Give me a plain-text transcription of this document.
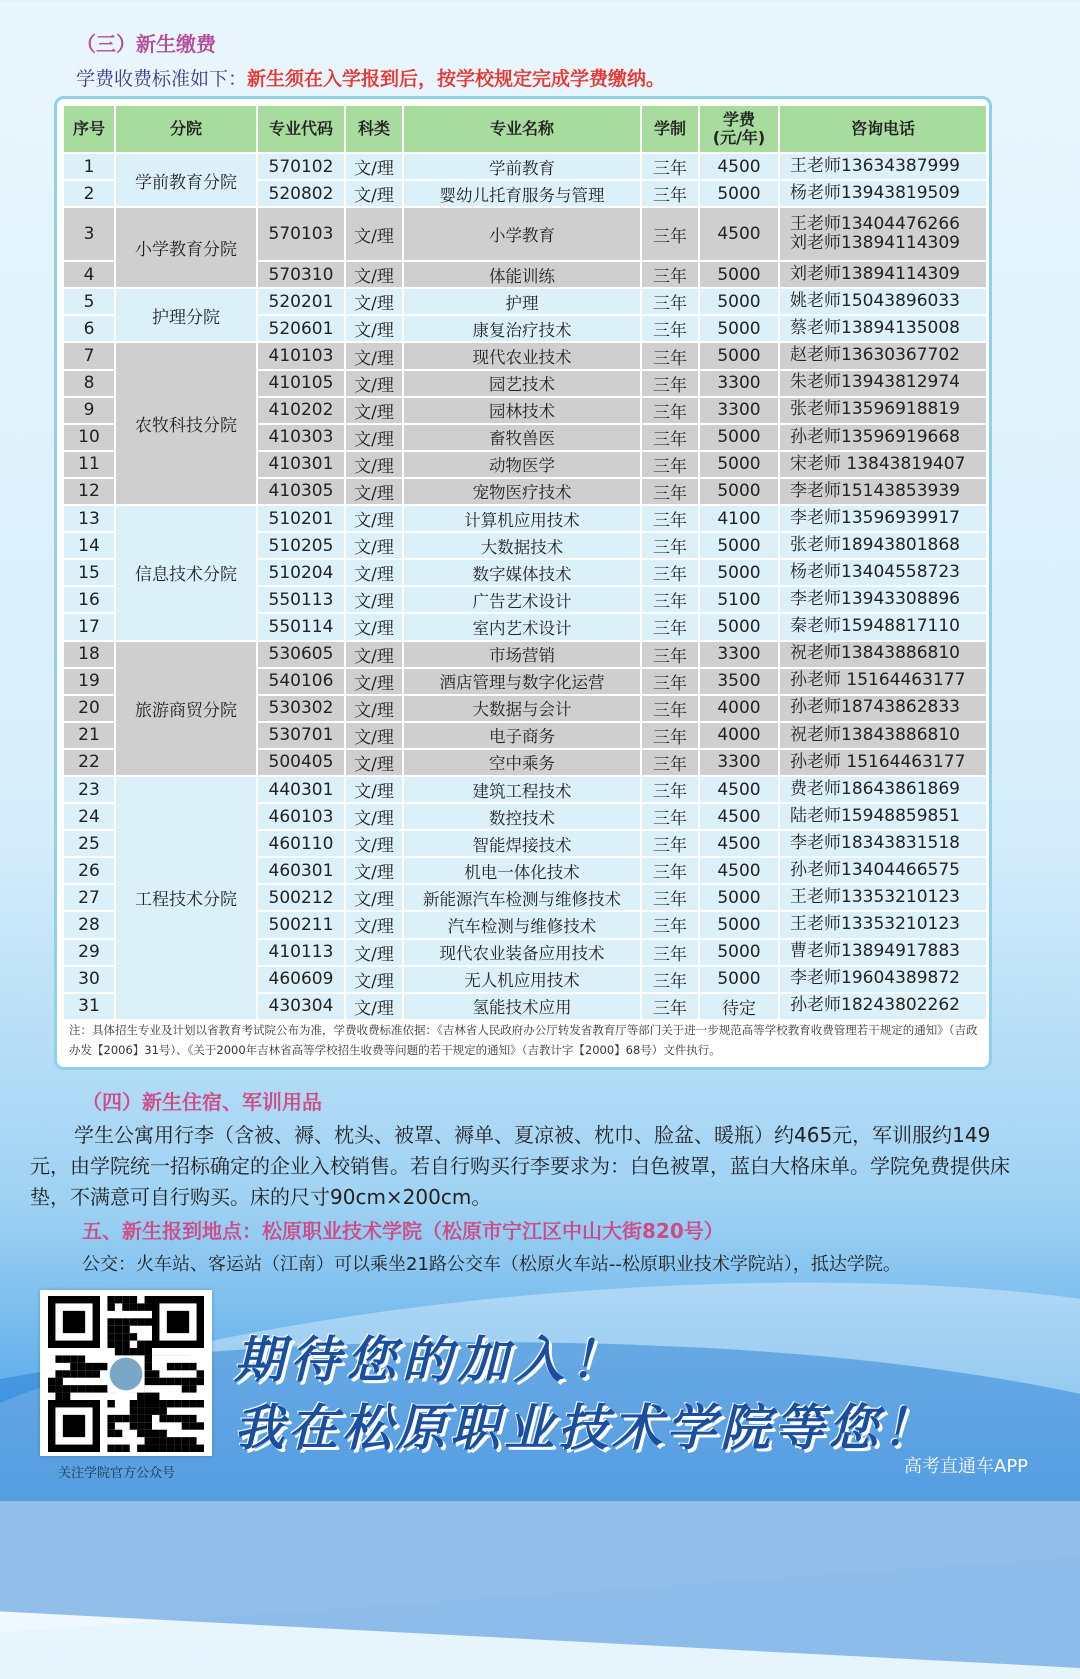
（三）新生缴费
学费收费标准如下：新生须在入学报到后，按学校规定完成学费缴纳。
序号	分院	专业代码	科类	专业名称	学制	学费
(元/年)	咨询电话
1	学前教育分院	570102	文/理	学前教育	三年	4500	王老师13634387999
2		520802	文/理	婴幼儿托育服务与管理	三年	5000	杨老师13943819509
3	小学教育分院	570103	文/理	小学教育	三年	4500	王老师13404476266
刘老师13894114309
4		570310	文/理	体能训练	三年	5000	刘老师13894114309
5	护理分院	520201	文/理	护理	三年	5000	姚老师15043896033
6		520601	文/理	康复治疗技术	三年	5000	蔡老师13894135008
7	农牧科技分院	410103	文/理	现代农业技术	三年	5000	赵老师13630367702
8		410105	文/理	园艺技术	三年	3300	朱老师13943812974
9		410202	文/理	园林技术	三年	3300	张老师13596918819
10		410303	文/理	畜牧兽医	三年	5000	孙老师13596919668
11		410301	文/理	动物医学	三年	5000	宋老师 13843819407
12		410305	文/理	宠物医疗技术	三年	5000	李老师15143853939
13	信息技术分院	510201	文/理	计算机应用技术	三年	4100	李老师13596939917
14		510205	文/理	大数据技术	三年	5000	张老师18943801868
15		510204	文/理	数字媒体技术	三年	5000	杨老师13404558723
16		550113	文/理	广告艺术设计	三年	5100	李老师13943308896
17		550114	文/理	室内艺术设计	三年	5000	秦老师15948817110
18	旅游商贸分院	530605	文/理	市场营销	三年	3300	祝老师13843886810
19		540106	文/理	酒店管理与数字化运营	三年	3500	孙老师 15164463177
20		530302	文/理	大数据与会计	三年	4000	孙老师18743862833
21		530701	文/理	电子商务	三年	4000	祝老师13843886810
22		500405	文/理	空中乘务	三年	3300	孙老师 15164463177
23	工程技术分院	440301	文/理	建筑工程技术	三年	4500	费老师18643861869
24		460103	文/理	数控技术	三年	4500	陆老师15948859851
25		460110	文/理	智能焊接技术	三年	4500	李老师18343831518
26		460301	文/理	机电一体化技术	三年	4500	孙老师13404466575
27		500212	文/理	新能源汽车检测与维修技术	三年	5000	王老师13353210123
28		500211	文/理	汽车检测与维修技术	三年	5000	王老师13353210123
29		410113	文/理	现代农业装备应用技术	三年	5000	曹老师13894917883
30		460609	文/理	无人机应用技术	三年	5000	李老师19604389872
31		430304	文/理	氢能技术应用	三年	待定	孙老师18243802262
注：具体招生专业及计划以省教育考试院公布为准，学费收费标准依据：《吉林省人民政府办公厅转发省教育厅等部门关于进一步规范高等学校教育收费管理若干规定的通知》（吉政办发【2006】31号）、《关于2000年吉林省高等学校招生收费等问题的若干规定的通知》（吉教计字【2000】68号）文件执行。
（四）新生住宿、军训用品
学生公寓用行李（含被、褥、枕头、被罩、褥单、夏凉被、枕巾、脸盆、暖瓶）约465元，军训服约149元，由学院统一招标确定的企业入校销售。若自行购买行李要求为：白色被罩，蓝白大格床单。学院免费提供床垫，不满意可自行购买。床的尺寸90cm×200cm。
五、新生报到地点：松原职业技术学院（松原市宁江区中山大街820号）
公交：火车站、客运站（江南）可以乘坐21路公交车（松原火车站--松原职业技术学院站），抵达学院。
关注学院官方公众号
期待您的加入！
我在松原职业技术学院等您！
高考直通车APP
